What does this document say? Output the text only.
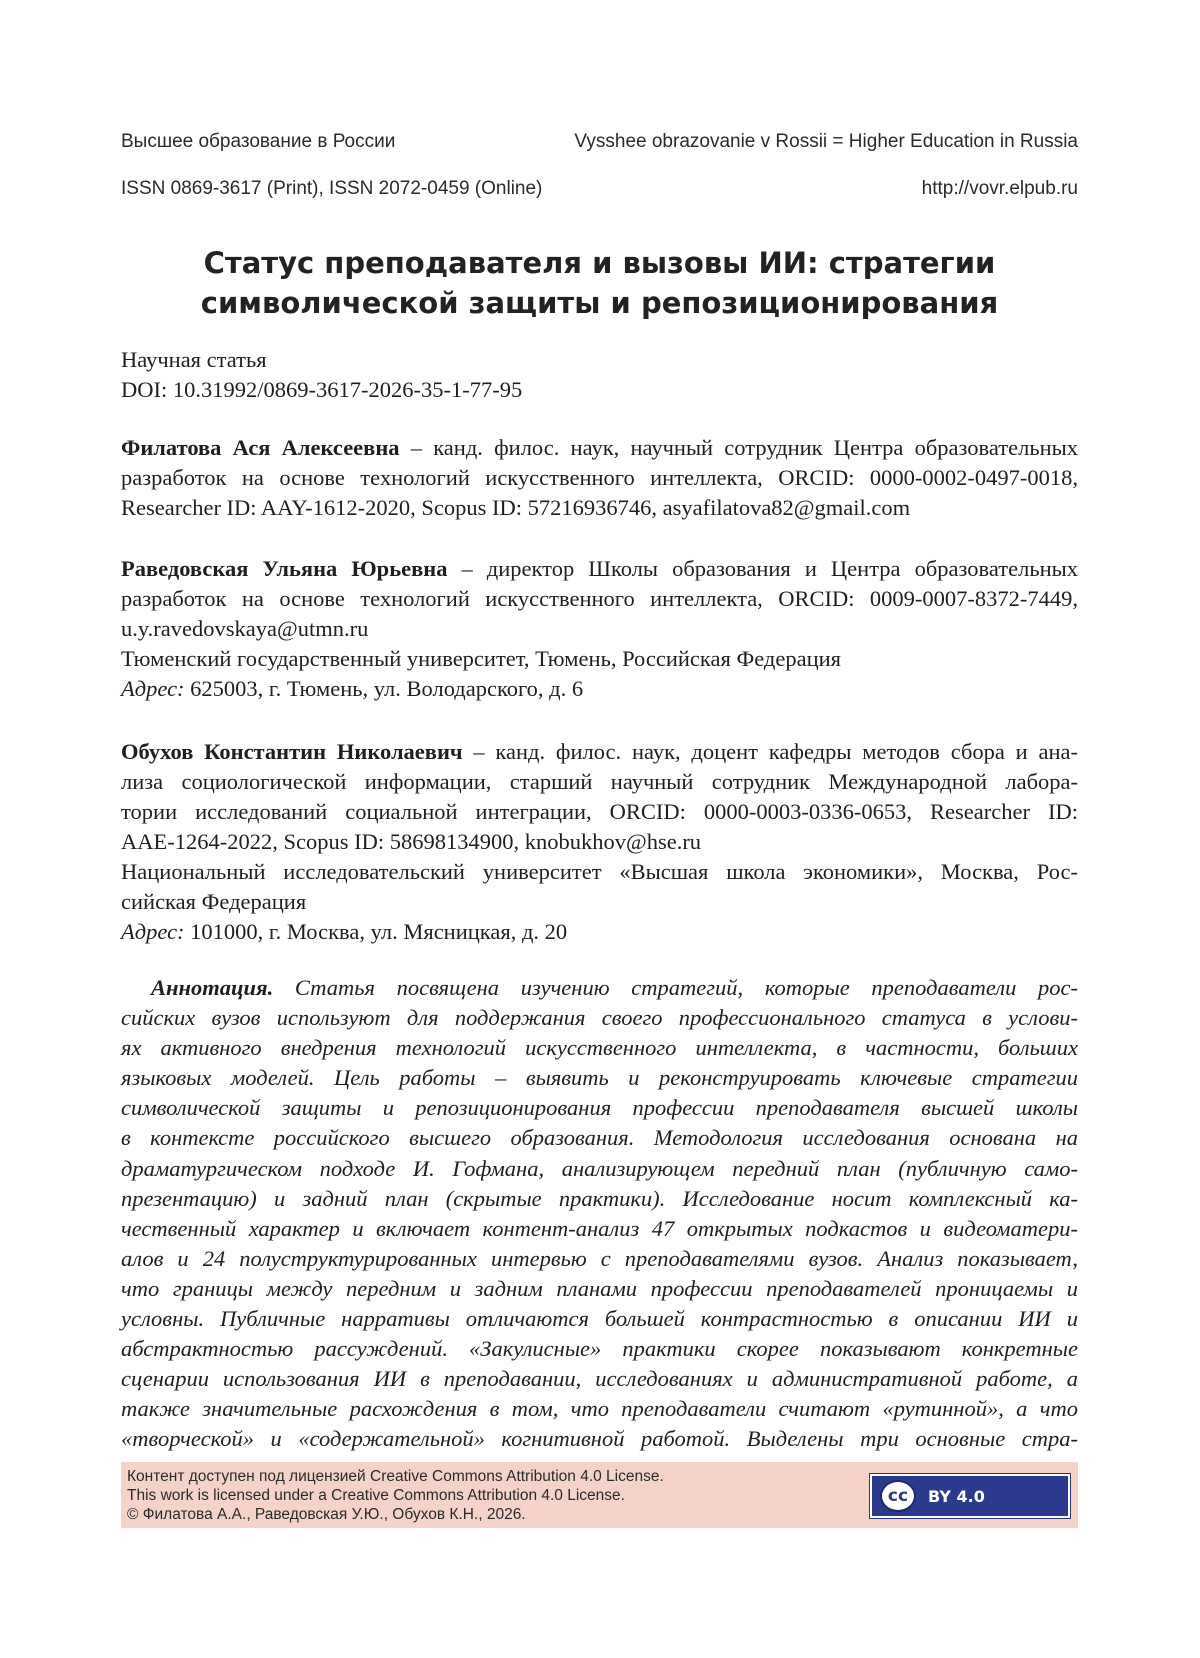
Высшее образование в России	Vysshee obrazovanie v Rossii = Higher Education in Russia
ISSN 0869-3617 (Print), ISSN 2072-0459 (Online)	http://vovr.elpub.ru
Статус преподавателя и вызовы ИИ: стратегии
символической защиты и репозиционирования
Научная статья
DOI: 10.31992/0869-3617-2026-35-1-77-95
Филатова Ася Алексеевна – канд. филос. наук, научный сотрудник Центра образовательных
разработок на основе технологий искусственного интеллекта, ORCID: 0000-0002-0497-0018,
Researcher ID: AAY-1612-2020, Scopus ID: 57216936746, asyafilatova82@gmail.com
Раведовская Ульяна Юрьевна – директор Школы образования и Центра образовательных
разработок на основе технологий искусственного интеллекта, ORCID: 0009-0007-8372-7449,
u.y.ravedovskaya@utmn.ru
Тюменский государственный университет, Тюмень, Российская Федерация
Адрес: 625003, г. Тюмень, ул. Володарского, д. 6
Обухов Константин Николаевич – канд. филос. наук, доцент кафедры методов сбора и ана-
лиза социологической информации, старший научный сотрудник Международной лабора-
тории исследований социальной интеграции, ORCID: 0000-0003-0336-0653, Researcher ID:
AAE-1264-2022, Scopus ID: 58698134900, knobukhov@hse.ru
Национальный исследовательский университет «Высшая школа экономики», Москва, Рос-
сийская Федерация
Адрес: 101000, г. Москва, ул. Мясницкая, д. 20
Аннотация. Статья посвящена изучению стратегий, которые преподаватели рос-
сийских вузов используют для поддержания своего профессионального статуса в услови-
ях активного внедрения технологий искусственного интеллекта, в частности, больших
языковых моделей. Цель работы – выявить и реконструировать ключевые стратегии
символической защиты и репозиционирования профессии преподавателя высшей школы
в контексте российского высшего образования. Методология исследования основана на
драматургическом подходе И. Гофмана, анализирующем передний план (публичную само-
презентацию) и задний план (скрытые практики). Исследование носит комплексный ка-
чественный характер и включает контент-анализ 47 открытых подкастов и видеоматери-
алов и 24 полуструктурированных интервью с преподавателями вузов. Анализ показывает,
что границы между передним и задним планами профессии преподавателей проницаемы и
условны. Публичные нарративы отличаются большей контрастностью в описании ИИ и
абстрактностью рассуждений. «Закулисные» практики скорее показывают конкретные
сценарии использования ИИ в преподавании, исследованиях и административной работе, а
также значительные расхождения в том, что преподаватели считают «рутинной», а что
«творческой» и «содержательной» когнитивной работой. Выделены три основные стра-
Контент доступен под лицензией Creative Commons Attribution 4.0 License.
This work is licensed under a Creative Commons Attribution 4.0 License.
© Филатова А.А., Раведовская У.Ю., Обухов К.Н., 2026.
cc	BY 4.0
